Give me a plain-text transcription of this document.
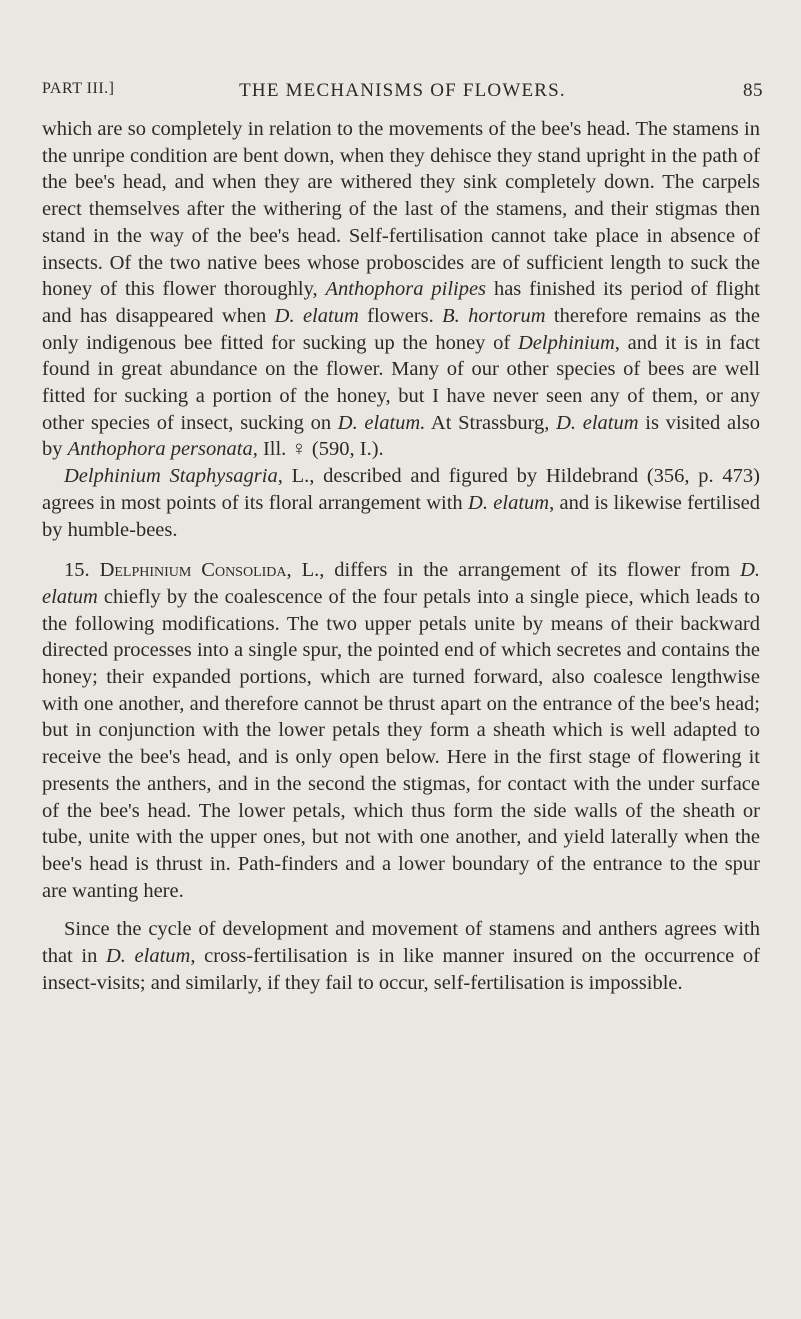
PART III.]	THE MECHANISMS OF FLOWERS.	85

which are so completely in relation to the movements of the bee's head. The stamens in the unripe condition are bent down, when they dehisce they stand upright in the path of the bee's head, and when they are withered they sink completely down. The carpels erect themselves after the withering of the last of the stamens, and their stigmas then stand in the way of the bee's head. Self-fertilisation cannot take place in absence of insects. Of the two native bees whose proboscides are of sufficient length to suck the honey of this flower thoroughly, Anthophora pilipes has finished its period of flight and has disappeared when D. elatum flowers. B. hortorum therefore remains as the only indigenous bee fitted for sucking up the honey of Delphinium, and it is in fact found in great abundance on the flower. Many of our other species of bees are well fitted for sucking a portion of the honey, but I have never seen any of them, or any other species of insect, sucking on D. elatum. At Strassburg, D. elatum is visited also by Anthophora personata, Ill. ♀ (590, I.).

Delphinium Staphysagria, L., described and figured by Hildebrand (356, p. 473) agrees in most points of its floral arrangement with D. elatum, and is likewise fertilised by humble-bees.

15. Delphinium Consolida, L., differs in the arrangement of its flower from D. elatum chiefly by the coalescence of the four petals into a single piece, which leads to the following modifications. The two upper petals unite by means of their backward directed processes into a single spur, the pointed end of which secretes and contains the honey; their expanded portions, which are turned forward, also coalesce lengthwise with one another, and therefore cannot be thrust apart on the entrance of the bee's head; but in conjunction with the lower petals they form a sheath which is well adapted to receive the bee's head, and is only open below. Here in the first stage of flowering it presents the anthers, and in the second the stigmas, for contact with the under surface of the bee's head. The lower petals, which thus form the side walls of the sheath or tube, unite with the upper ones, but not with one another, and yield laterally when the bee's head is thrust in. Path-finders and a lower boundary of the entrance to the spur are wanting here.

Since the cycle of development and movement of stamens and anthers agrees with that in D. elatum, cross-fertilisation is in like manner insured on the occurrence of insect-visits; and similarly, if they fail to occur, self-fertilisation is impossible.
